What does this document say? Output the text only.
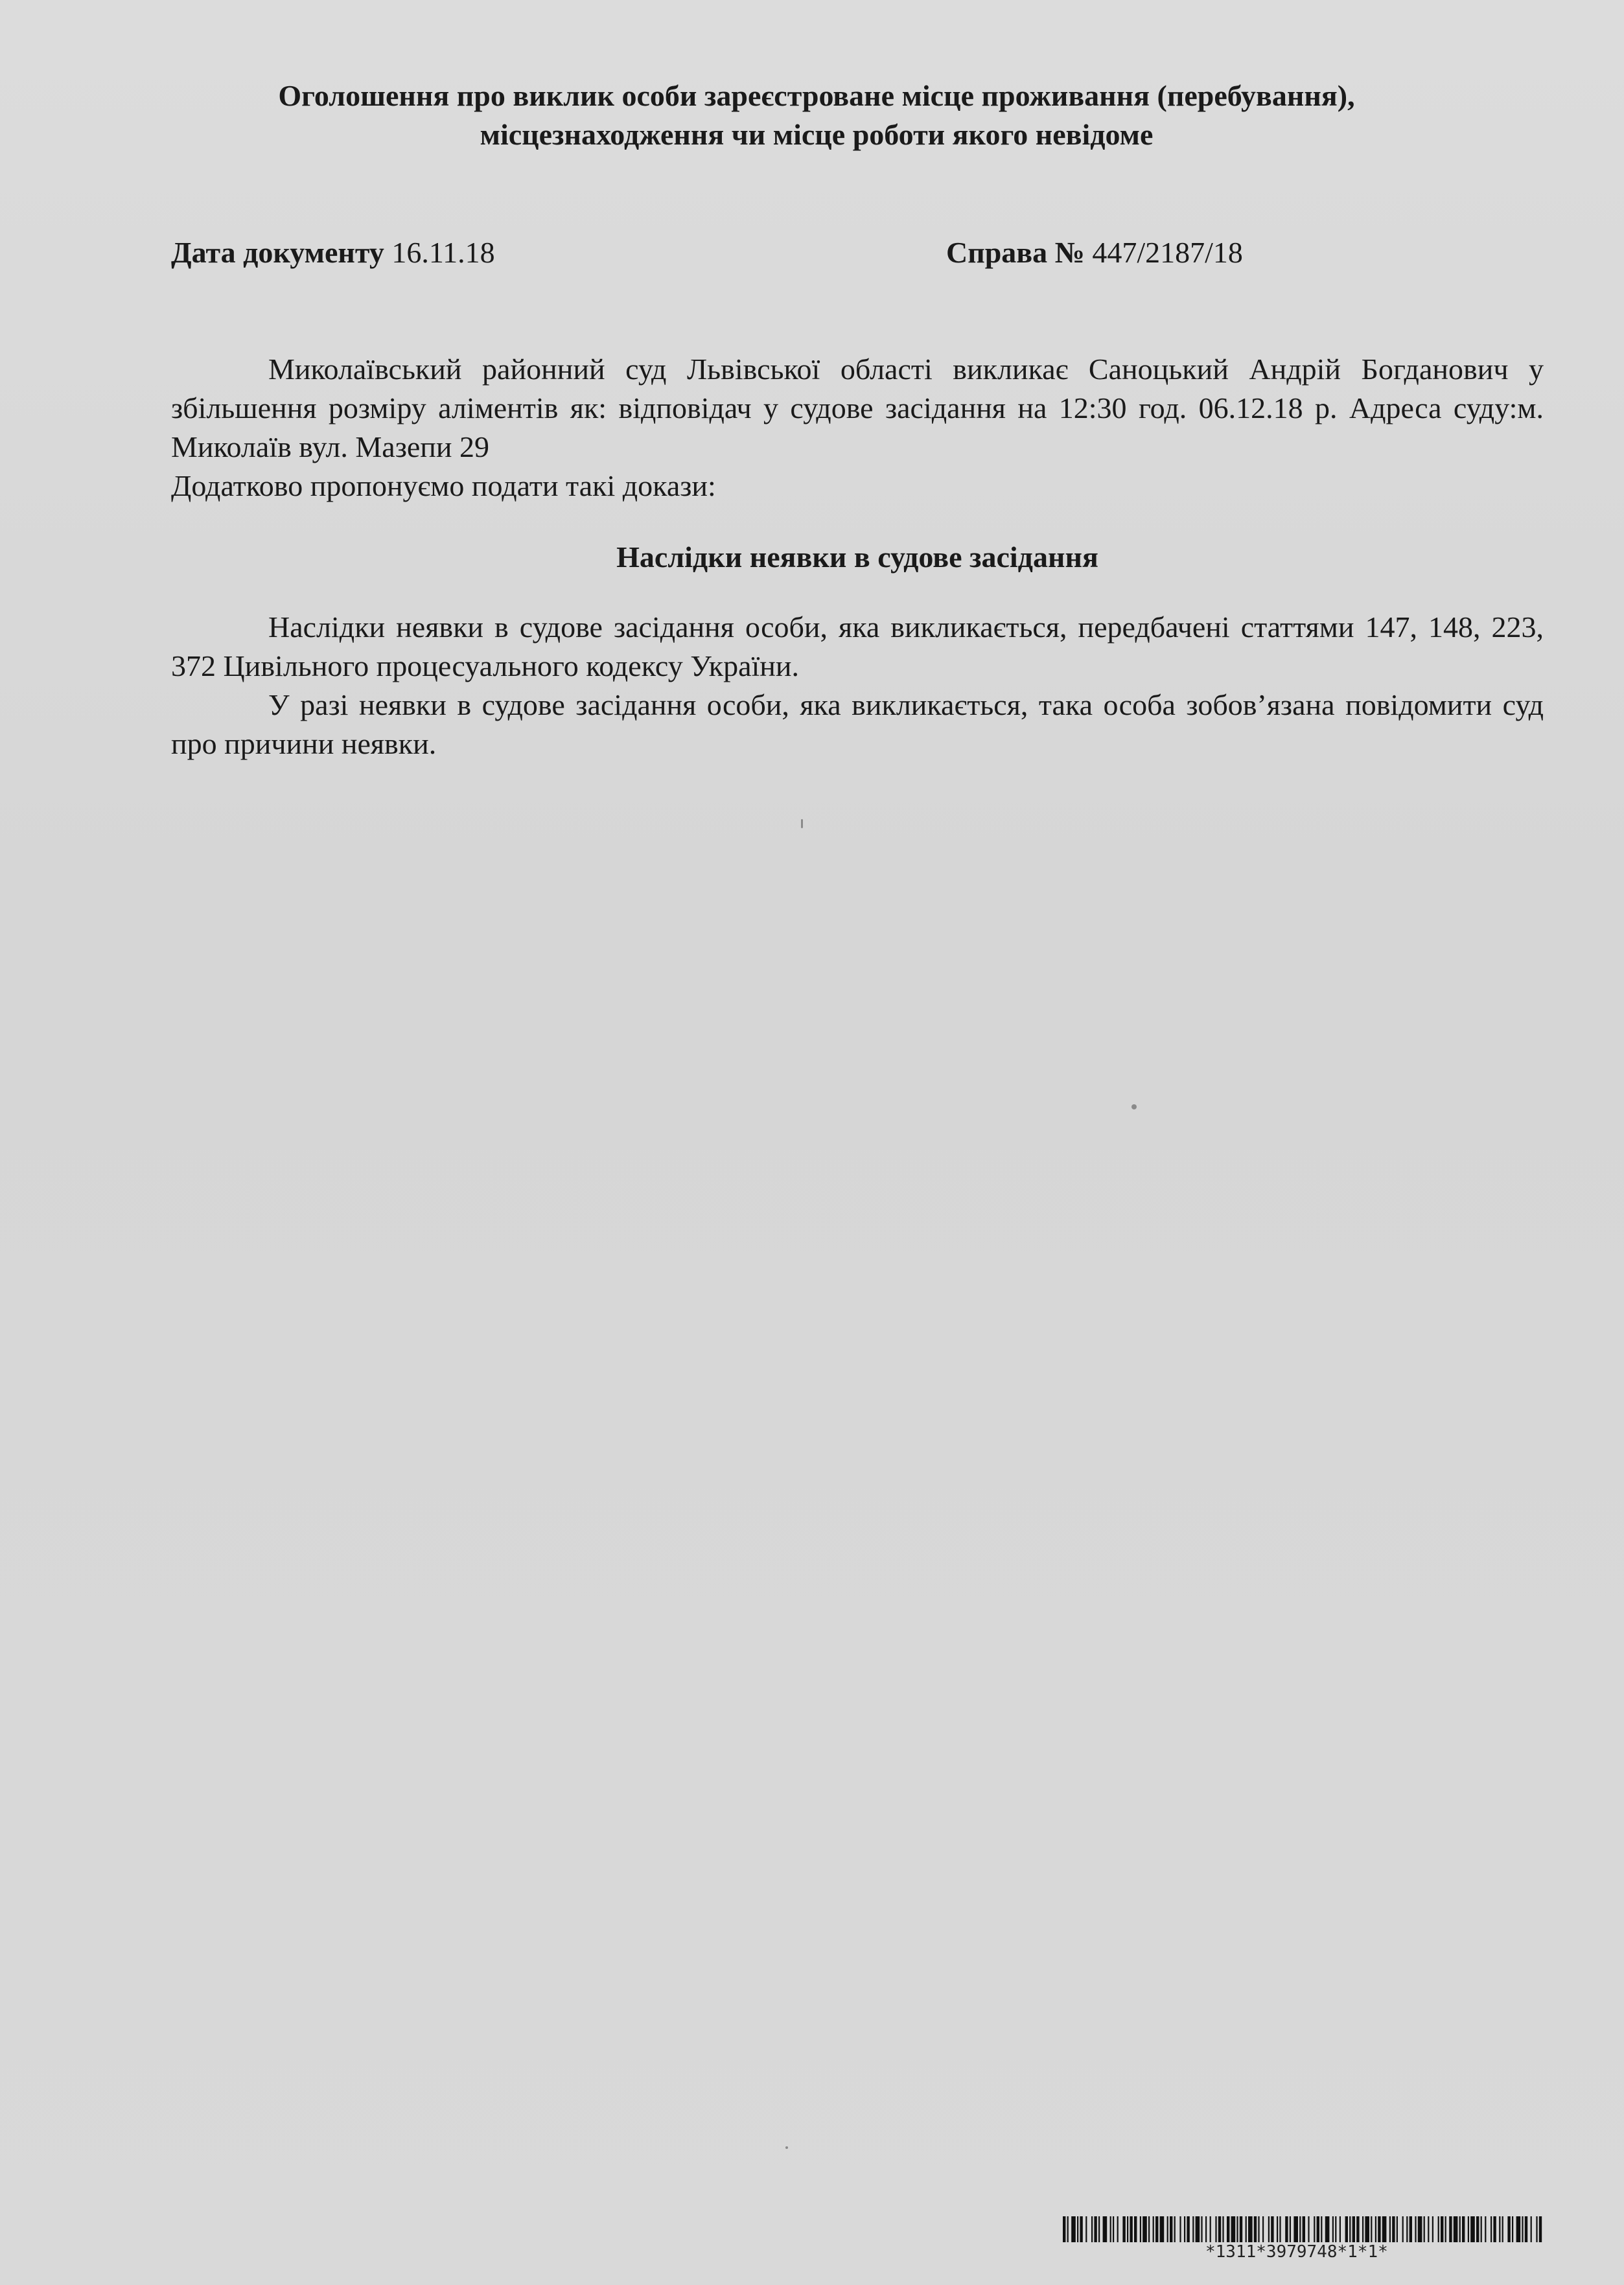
Оголошення про виклик особи зареєстроване місце проживання (перебування),
місцезнаходження чи місце роботи якого невідоме
Дата документу 16.11.18	Справа № 447/2187/18

Миколаївський районний суд Львівської області викликає Саноцький Андрій Богданович у збільшення розміру аліментів як: відповідач у судове засідання на 12:30 год. 06.12.18 р. Адреса суду:м. Миколаїв вул. Мазепи 29

Додатково пропонуємо подати такі докази:

Наслідки неявки в судове засідання

Наслідки неявки в судове засідання особи, яка викликається, передбачені статтями 147, 148, 223, 372 Цивільного процесуального кодексу України.

У разі неявки в судове засідання особи, яка викликається, така особа зобов’язана повідомити суд про причини неявки.

*1311*3979748*1*1*
